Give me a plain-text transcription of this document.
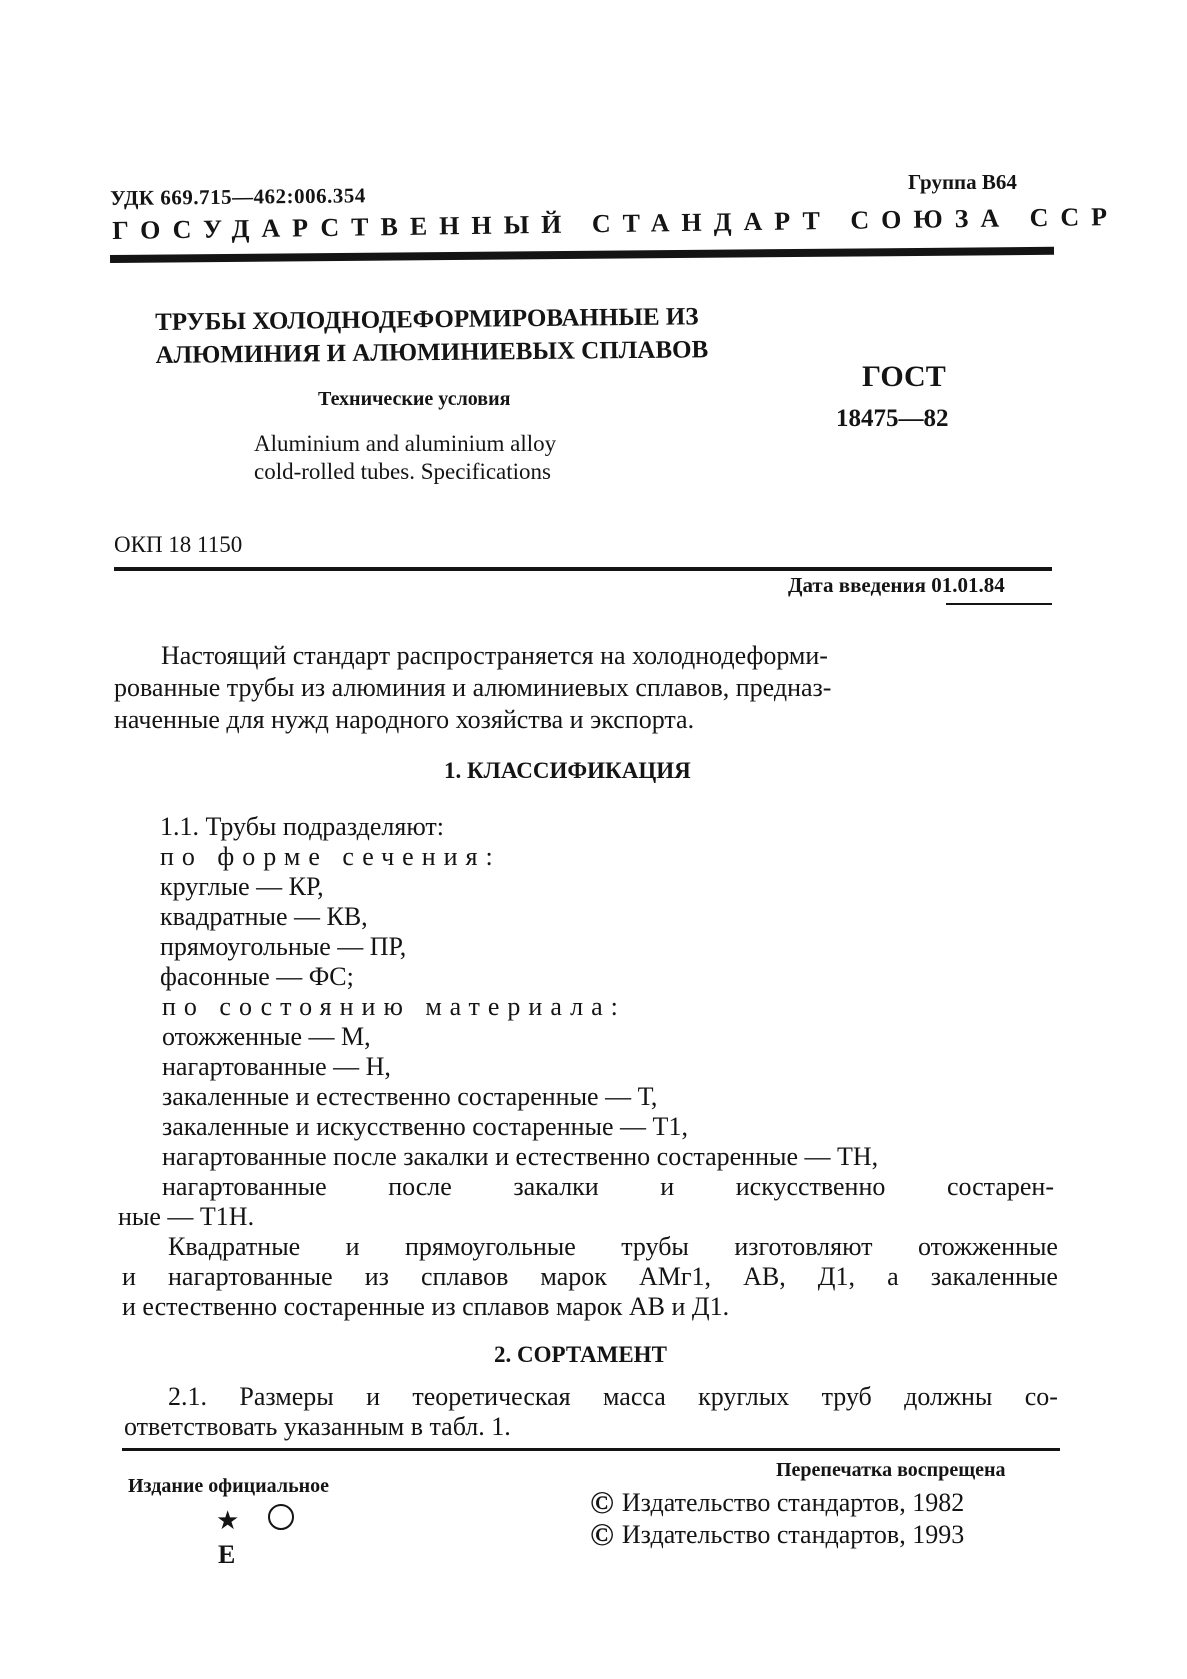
УДК 669.715—462:006.354
Группа В64
ГОСУДАРСТВЕННЫЙ СТАНДАРТ СОЮЗА ССР
ТРУБЫ ХОЛОДНОДЕФОРМИРОВАННЫЕ ИЗ
АЛЮМИНИЯ И АЛЮМИНИЕВЫХ СПЛАВОВ
Технические условия
Aluminium and aluminium alloy
cold-rolled tubes. Specifications
ГОСТ
18475—82
ОКП 18 1150
Дата введения 01.01.84
Настоящий стандарт распространяется на холоднодеформи-
рованные трубы из алюминия и алюминиевых сплавов, предназ-
наченные для нужд народного хозяйства и экспорта.
1. КЛАССИФИКАЦИЯ
1.1. Трубы подразделяют:
по форме сечения:
круглые — КР,
квадратные — КВ,
прямоугольные — ПР,
фасонные — ФС;
по состоянию материала:
отожженные — М,
нагартованные — Н,
закаленные и естественно состаренные — Т,
закаленные и искусственно состаренные — Т1,
нагартованные после закалки и естественно состаренные — ТН,
нагартованные после закалки и искусственно состарен-
ные — Т1Н.
Квадратные и прямоугольные трубы изготовляют отожженные
и нагартованные из сплавов марок АМг1, АВ, Д1, а закаленные
и естественно состаренные из сплавов марок АВ и Д1.
2. СОРТАМЕНТ
2.1. Размеры и теоретическая масса круглых труб должны со-
ответствовать указанным в табл. 1.
Издание официальное
Перепечатка воспрещена
© Издательство стандартов, 1982
© Издательство стандартов, 1993
★
Е
